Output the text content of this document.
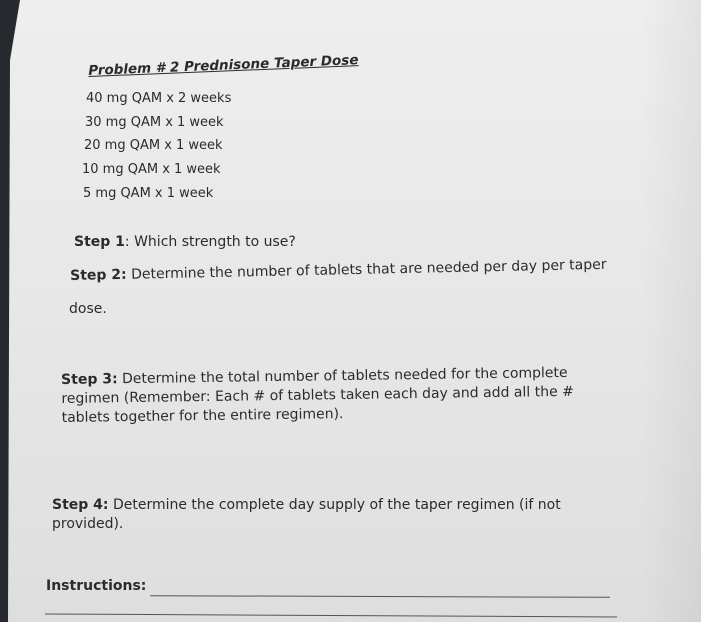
Problem # 2 Prednisone Taper Dose
40 mg QAM x 2 weeks
30 mg QAM x 1 week
20 mg QAM x 1 week
10 mg QAM x 1 week
5 mg QAM x 1 week
Step 1: Which strength to use?
Step 2: Determine the number of tablets that are needed per day per taper
dose.
Step 3: Determine the total number of tablets needed for the complete
regimen (Remember: Each # of tablets taken each day and add all the #
tablets together for the entire regimen).
Step 4: Determine the complete day supply of the taper regimen (if not
provided).
Instructions:
